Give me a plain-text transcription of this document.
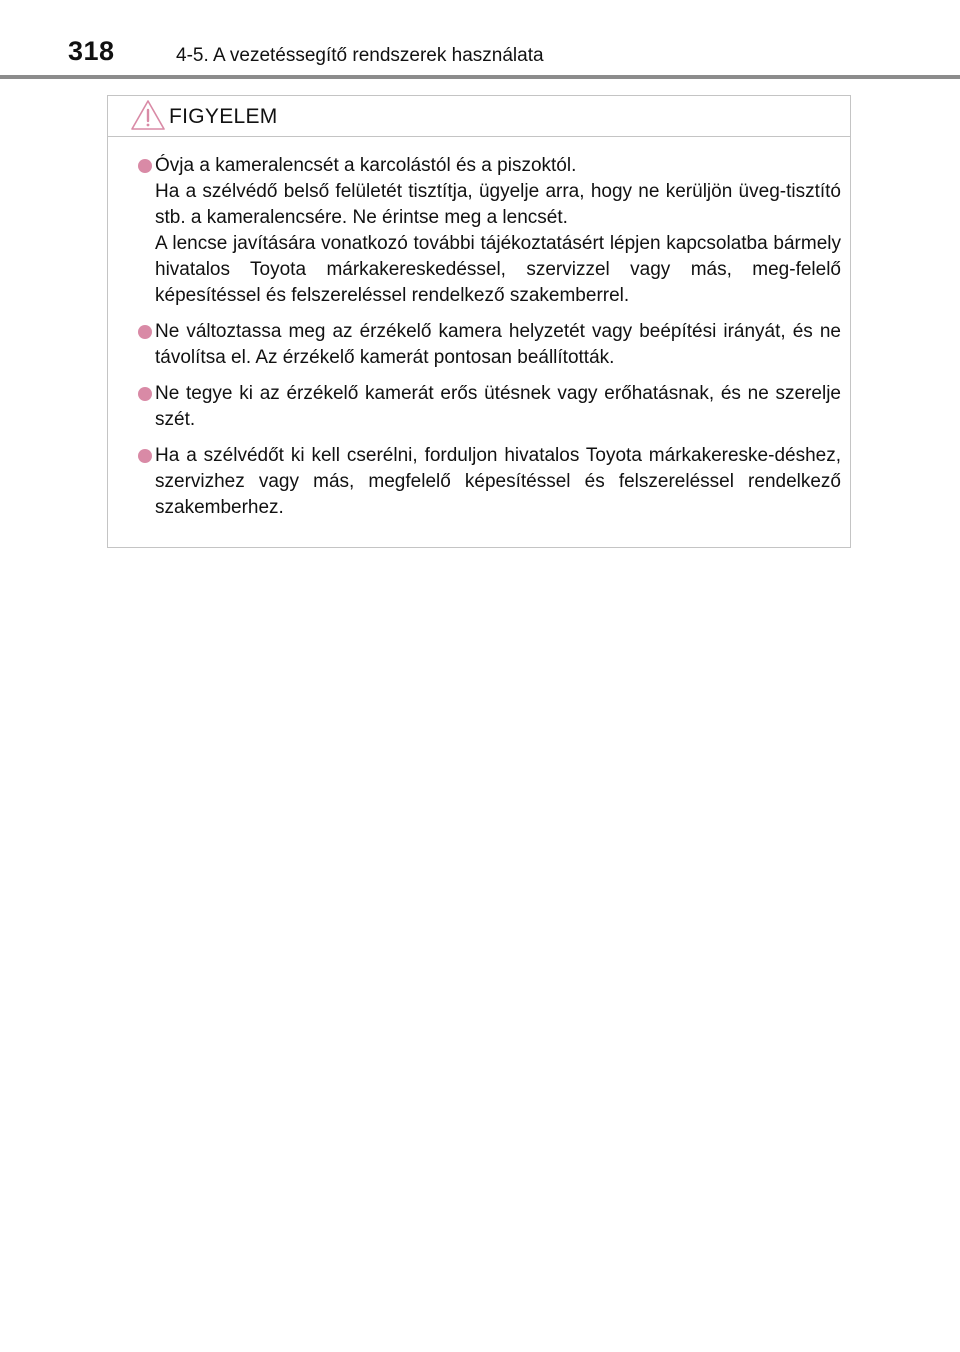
318	4-5. A vezetéssegítő rendszerek használata
FIGYELEM
Óvja a kameralencsét a karcolástól és a piszoktól.
Ha a szélvédő belső felületét tisztítja, ügyelje arra, hogy ne kerüljön üveg-tisztító stb. a kameralencsére. Ne érintse meg a lencsét.
A lencse javítására vonatkozó további tájékoztatásért lépjen kapcsolatba bármely hivatalos Toyota márkakereskedéssel, szervizzel vagy más, meg-felelő képesítéssel és felszereléssel rendelkező szakemberrel.
Ne változtassa meg az érzékelő kamera helyzetét vagy beépítési irányát, és ne távolítsa el. Az érzékelő kamerát pontosan beállították.
Ne tegye ki az érzékelő kamerát erős ütésnek vagy erőhatásnak, és ne szerelje szét.
Ha a szélvédőt ki kell cserélni, forduljon hivatalos Toyota márkakereske-déshez, szervizhez vagy más, megfelelő képesítéssel és felszereléssel rendelkező szakemberhez.
